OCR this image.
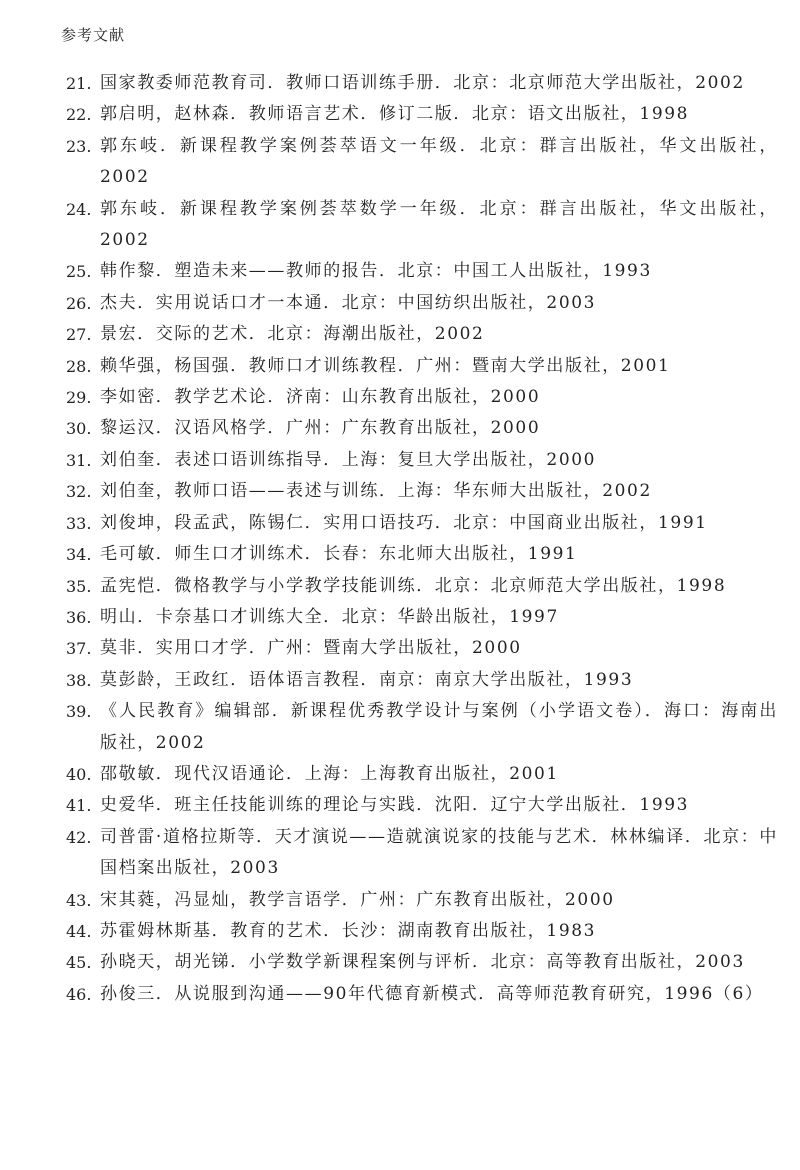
参考文献
21. 国家教委师范教育司．教师口语训练手册．北京：北京师范大学出版社，2002
22. 郭启明，赵林森．教师语言艺术．修订二版．北京：语文出版社，1998
23. 郭东岐．新课程教学案例荟萃语文一年级．北京：群言出版社，华文出版社，2002
24. 郭东岐．新课程教学案例荟萃数学一年级．北京：群言出版社，华文出版社，2002
25. 韩作黎．塑造未来——教师的报告．北京：中国工人出版社，1993
26. 杰夫．实用说话口才一本通．北京：中国纺织出版社，2003
27. 景宏．交际的艺术．北京：海潮出版社，2002
28. 赖华强，杨国强．教师口才训练教程．广州：暨南大学出版社，2001
29. 李如密．教学艺术论．济南：山东教育出版社，2000
30. 黎运汉．汉语风格学．广州：广东教育出版社，2000
31. 刘伯奎．表述口语训练指导．上海：复旦大学出版社，2000
32. 刘伯奎，教师口语——表述与训练．上海：华东师大出版社，2002
33. 刘俊坤，段孟武，陈锡仁．实用口语技巧．北京：中国商业出版社，1991
34. 毛可敏．师生口才训练术．长春：东北师大出版社，1991
35. 孟宪恺．微格教学与小学教学技能训练．北京：北京师范大学出版社，1998
36. 明山．卡奈基口才训练大全．北京：华龄出版社，1997
37. 莫非．实用口才学．广州：暨南大学出版社，2000
38. 莫彭龄，王政红．语体语言教程．南京：南京大学出版社，1993
39. 《人民教育》编辑部．新课程优秀教学设计与案例（小学语文卷）．海口：海南出版社，2002
40. 邵敬敏．现代汉语通论．上海：上海教育出版社，2001
41. 史爱华．班主任技能训练的理论与实践．沈阳．辽宁大学出版社．1993
42. 司普雷·道格拉斯等．天才演说——造就演说家的技能与艺术．林林编译．北京：中国档案出版社，2003
43. 宋其蕤，冯显灿，教学言语学．广州：广东教育出版社，2000
44. 苏霍姆林斯基．教育的艺术．长沙：湖南教育出版社，1983
45. 孙晓天，胡光锑．小学数学新课程案例与评析．北京：高等教育出版社，2003
46. 孙俊三．从说服到沟通——90年代德育新模式．高等师范教育研究，1996（6）
